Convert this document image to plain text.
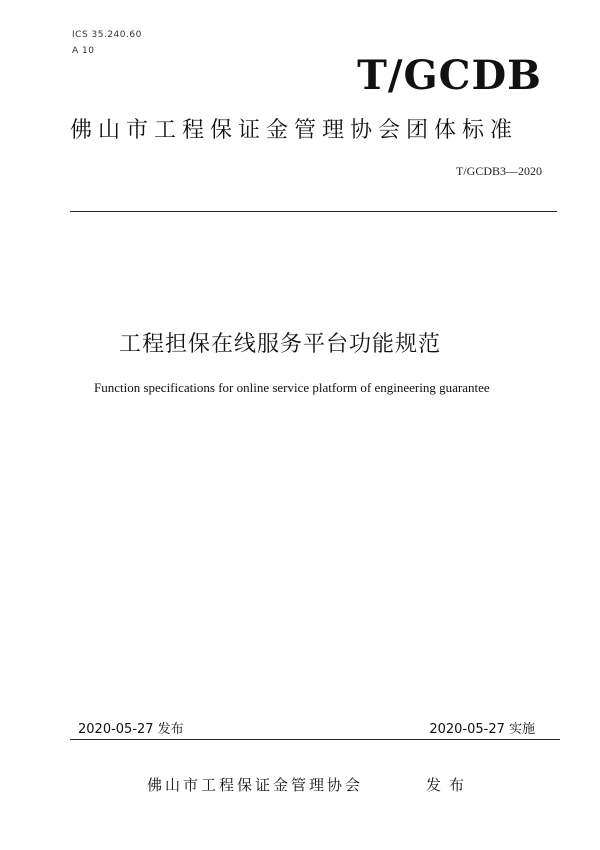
ICS 35.240.60
A 10
T/GCDB
佛山市工程保证金管理协会团体标准
T/GCDB3—2020
工程担保在线服务平台功能规范
Function specifications for online service platform of engineering guarantee
2020-05-27 发布	2020-05-27 实施
佛山市工程保证金管理协会	发布
